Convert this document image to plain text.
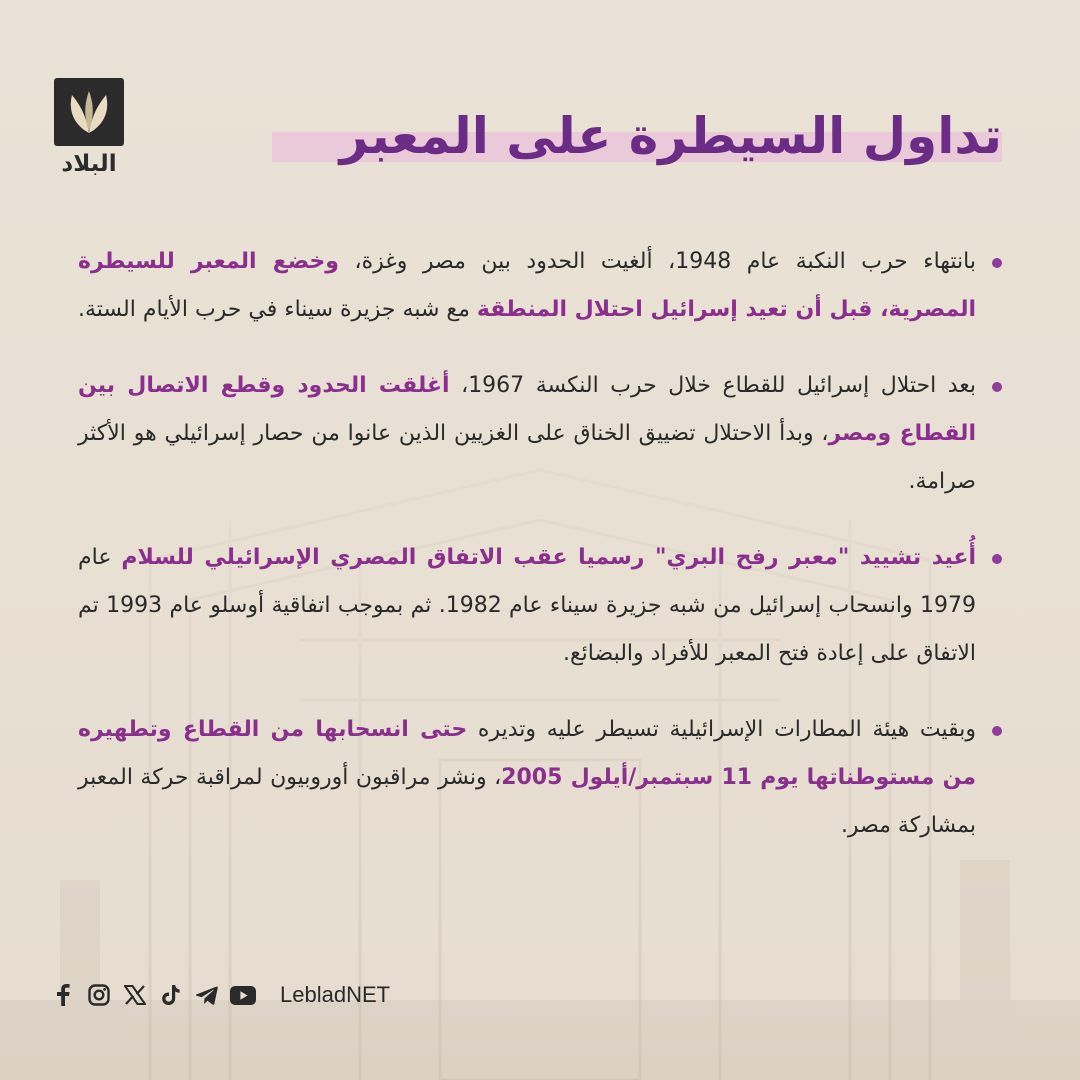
البلاد	تداول السيطرة على المعبر
بانتهاء حرب النكبة عام 1948، ألغيت الحدود بين مصر وغزة، وخضع المعبر للسيطرة المصرية، قبل أن تعيد إسرائيل احتلال المنطقة مع شبه جزيرة سيناء في حرب الأيام الستة.
بعد احتلال إسرائيل للقطاع خلال حرب النكسة 1967، أغلقت الحدود وقطع الاتصال بين القطاع ومصر، وبدأ الاحتلال تضييق الخناق على الغزيين الذين عانوا من حصار إسرائيلي هو الأكثر صرامة.
أُعيد تشييد "معبر رفح البري" رسميا عقب الاتفاق المصري الإسرائيلي للسلام عام 1979 وانسحاب إسرائيل من شبه جزيرة سيناء عام 1982. ثم بموجب اتفاقية أوسلو عام 1993 تم الاتفاق على إعادة فتح المعبر للأفراد والبضائع.
وبقيت هيئة المطارات الإسرائيلية تسيطر عليه وتديره حتى انسحابها من القطاع وتطهيره من مستوطناتها يوم 11 سبتمبر/أيلول 2005، ونشر مراقبون أوروبيون لمراقبة حركة المعبر بمشاركة مصر.
LebladNET
